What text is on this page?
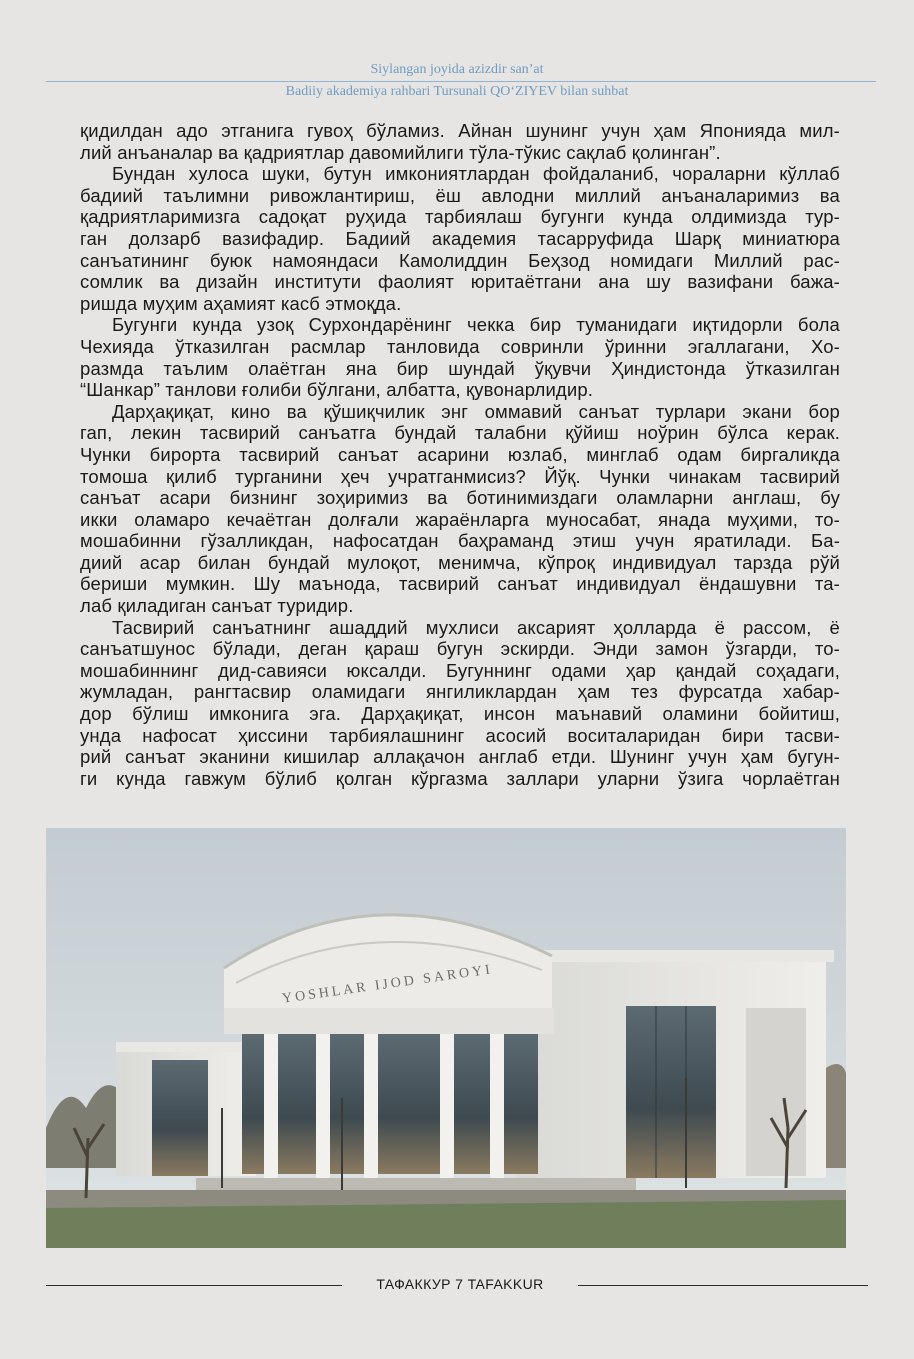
Siylangan joyida azizdir san’at
Badiiy akademiya rahbari Tursunali QO‘ZIYEV bilan suhbat
қидилдан адо этганига гувоҳ бўламиз. Айнан шунинг учун ҳам Японияда мил-
лий анъаналар ва қадриятлар давомийлиги тўла-тўкис сақлаб қолинган”.
Бундан хулоса шуки, бутун имкониятлардан фойдаланиб, чораларни кўллаб
бадиий таълимни ривожлантириш, ёш авлодни миллий анъаналаримиз ва
қадриятларимизга садоқат руҳида тарбиялаш бугунги кунда олдимизда тур-
ган долзарб вазифадир. Бадиий академия тасарруфида Шарқ миниатюра
санъатининг буюк намояндаси Камолиддин Беҳзод номидаги Миллий рас-
сомлик ва дизайн институти фаолият юритаётгани ана шу вазифани бажа-
ришда муҳим аҳамият касб этмоқда.
Бугунги кунда узоқ Сурхондарёнинг чекка бир туманидаги иқтидорли бола
Чехияда ўтказилган расмлар танловида совринли ўринни эгаллагани, Хо-
размда таълим олаётган яна бир шундай ўқувчи Ҳиндистонда ўтказилган
“Шанкар” танлови ғолиби бўлгани, албатта, қувонарлидир.
Дарҳақиқат, кино ва қўшиқчилик энг оммавий санъат турлари экани бор
гап, лекин тасвирий санъатга бундай талабни қўйиш ноўрин бўлса керак.
Чунки бирорта тасвирий санъат асарини юзлаб, минглаб одам биргаликда
томоша қилиб турганини ҳеч учратганмисиз? Йўқ. Чунки чинакам тасвирий
санъат асари бизнинг зоҳиримиз ва ботинимиздаги оламларни англаш, бу
икки оламаро кечаётган долғали жараёнларга муносабат, янада муҳими, то-
мошабинни гўзалликдан, нафосатдан баҳраманд этиш учун яратилади. Ба-
диий асар билан бундай мулоқот, менимча, кўпроқ индивидуал тарзда рўй
бериши мумкин. Шу маънода, тасвирий санъат индивидуал ёндашувни та-
лаб қиладиган санъат туридир.
Тасвирий санъатнинг ашаддий мухлиси аксарият ҳолларда ё рассом, ё
санъатшунос бўлади, деган қараш бугун эскирди. Энди замон ўзгарди, то-
мошабиннинг дид-савияси юксалди. Бугуннинг одами ҳар қандай соҳадаги,
жумладан, рангтасвир оламидаги янгиликлардан ҳам тез фурсатда хабар-
дор бўлиш имконига эга. Дарҳақиқат, инсон маънавий оламини бойитиш,
унда нафосат ҳиссини тарбиялашнинг асосий воситаларидан бири тасви-
рий санъат эканини кишилар аллақачон англаб етди. Шунинг учун ҳам бугун-
ги кунда гавжум бўлиб қолган кўргазма заллари уларни ўзига чорлаётган
YOSHLAR IJOD SAROYI
ТАФАККУР 7 TAFAKKUR
